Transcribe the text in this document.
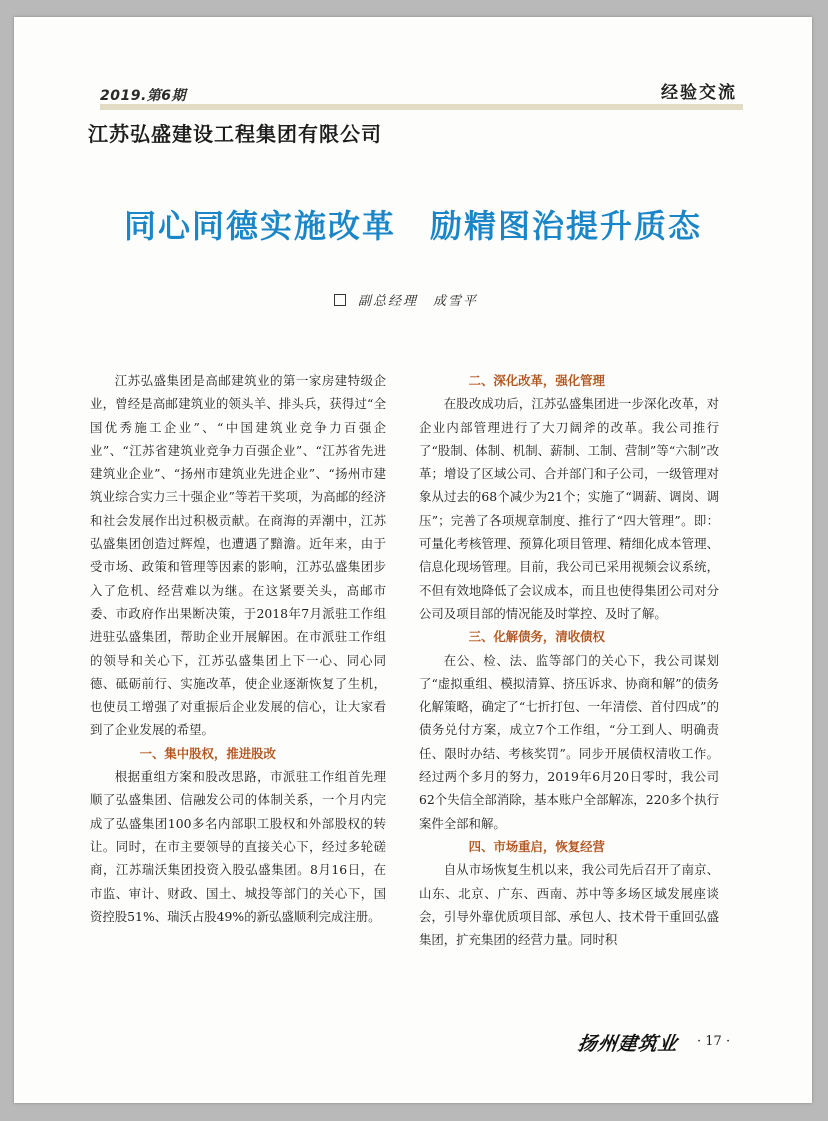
2019.第6期	经验交流
江苏弘盛建设工程集团有限公司
同心同德实施改革　励精图治提升质态
副总经理　成雪平

江苏弘盛集团是高邮建筑业的第一家房建特级企业，曾经是高邮建筑业的领头羊、排头兵，获得过“全国优秀施工企业”、“中国建筑业竞争力百强企业”、“江苏省建筑业竞争力百强企业”、“江苏省先进建筑业企业”、“扬州市建筑业先进企业”、“扬州市建筑业综合实力三十强企业”等若干奖项，为高邮的经济和社会发展作出过积极贡献。在商海的弄潮中，江苏弘盛集团创造过辉煌，也遭遇了黯澹。近年来，由于受市场、政策和管理等因素的影响，江苏弘盛集团步入了危机、经营难以为继。在这紧要关头，高邮市委、市政府作出果断决策，于2018年7月派驻工作组进驻弘盛集团，帮助企业开展解困。在市派驻工作组的领导和关心下，江苏弘盛集团上下一心、同心同德、砥砺前行、实施改革，使企业逐渐恢复了生机，也使员工增强了对重振后企业发展的信心，让大家看到了企业发展的希望。

一、集中股权，推进股改

根据重组方案和股改思路，市派驻工作组首先理顺了弘盛集团、信融发公司的体制关系，一个月内完成了弘盛集团100多名内部职工股权和外部股权的转让。同时，在市主要领导的直接关心下，经过多轮磋商，江苏瑞沃集团投资入股弘盛集团。8月16日，在市监、审计、财政、国土、城投等部门的关心下，国资控股51%、瑞沃占股49%的新弘盛顺利完成注册。

二、深化改革，强化管理

在股改成功后，江苏弘盛集团进一步深化改革，对企业内部管理进行了大刀阔斧的改革。我公司推行了“股制、体制、机制、薪制、工制、营制”等“六制”改革；增设了区域公司、合并部门和子公司，一级管理对象从过去的68个减少为21个；实施了“调薪、调岗、调压”；完善了各项规章制度、推行了“四大管理”。即：可量化考核管理、预算化项目管理、精细化成本管理、信息化现场管理。目前，我公司已采用视频会议系统，不但有效地降低了会议成本，而且也使得集团公司对分公司及项目部的情况能及时掌控、及时了解。

三、化解债务，清收债权

在公、检、法、监等部门的关心下，我公司谋划了“虚拟重组、模拟清算、挤压诉求、协商和解”的债务化解策略，确定了“七折打包、一年清偿、首付四成”的债务兑付方案，成立7个工作组，“分工到人、明确责任、限时办结、考核奖罚”。同步开展债权清收工作。经过两个多月的努力，2019年6月20日零时，我公司62个失信全部消除，基本账户全部解冻，220多个执行案件全部和解。

四、市场重启，恢复经营

自从市场恢复生机以来，我公司先后召开了南京、山东、北京、广东、西南、苏中等多场区域发展座谈会，引导外靠优质项目部、承包人、技术骨干重回弘盛集团，扩充集团的经营力量。同时积

扬州建筑业 · 17 ·
